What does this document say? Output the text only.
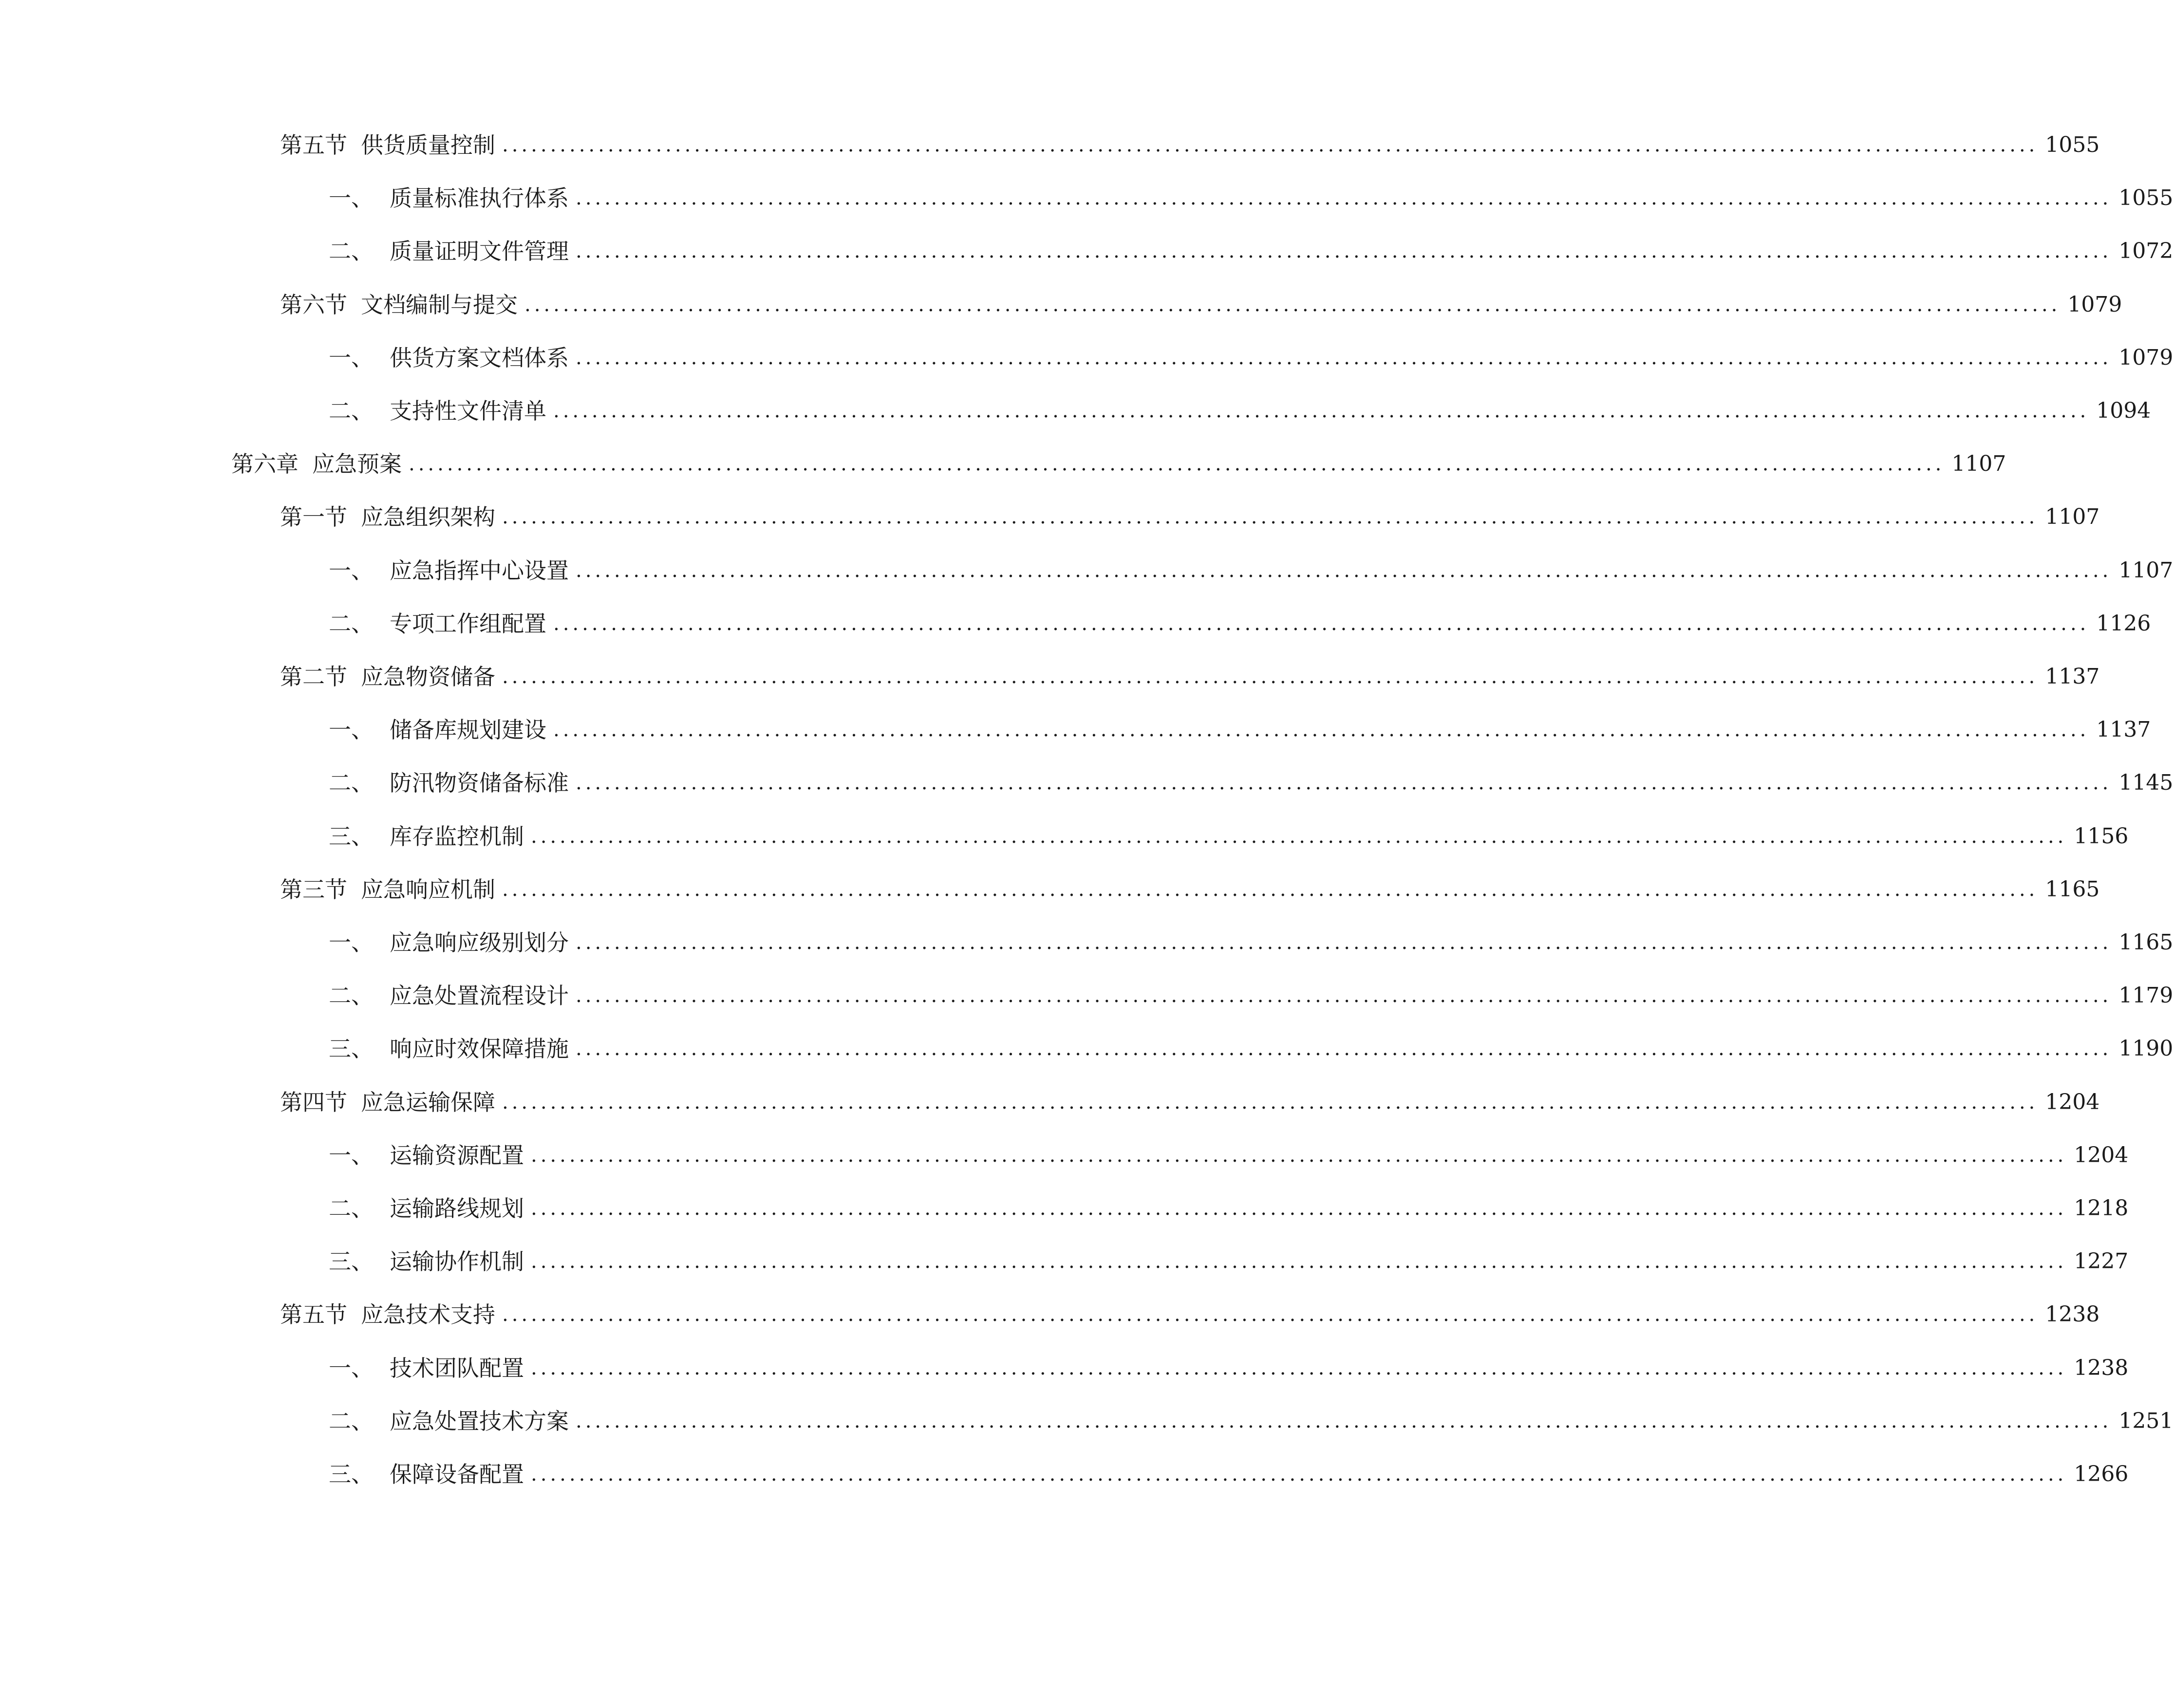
第五节 供货质量控制 ................................................................................................................................................................ 1055
一、 质量标准执行体系 ................................................................................................................................................................ 1055
二、 质量证明文件管理 ................................................................................................................................................................ 1072
第六节 文档编制与提交 ................................................................................................................................................................ 1079
一、 供货方案文档体系 ................................................................................................................................................................ 1079
二、 支持性文件清单 ................................................................................................................................................................ 1094
第六章 应急预案 ................................................................................................................................................................ 1107
第一节 应急组织架构 ................................................................................................................................................................ 1107
一、 应急指挥中心设置 ................................................................................................................................................................ 1107
二、 专项工作组配置 ................................................................................................................................................................ 1126
第二节 应急物资储备 ................................................................................................................................................................ 1137
一、 储备库规划建设 ................................................................................................................................................................ 1137
二、 防汛物资储备标准 ................................................................................................................................................................ 1145
三、 库存监控机制 ................................................................................................................................................................ 1156
第三节 应急响应机制 ................................................................................................................................................................ 1165
一、 应急响应级别划分 ................................................................................................................................................................ 1165
二、 应急处置流程设计 ................................................................................................................................................................ 1179
三、 响应时效保障措施 ................................................................................................................................................................ 1190
第四节 应急运输保障 ................................................................................................................................................................ 1204
一、 运输资源配置 ................................................................................................................................................................ 1204
二、 运输路线规划 ................................................................................................................................................................ 1218
三、 运输协作机制 ................................................................................................................................................................ 1227
第五节 应急技术支持 ................................................................................................................................................................ 1238
一、 技术团队配置 ................................................................................................................................................................ 1238
二、 应急处置技术方案 ................................................................................................................................................................ 1251
三、 保障设备配置 ................................................................................................................................................................ 1266
